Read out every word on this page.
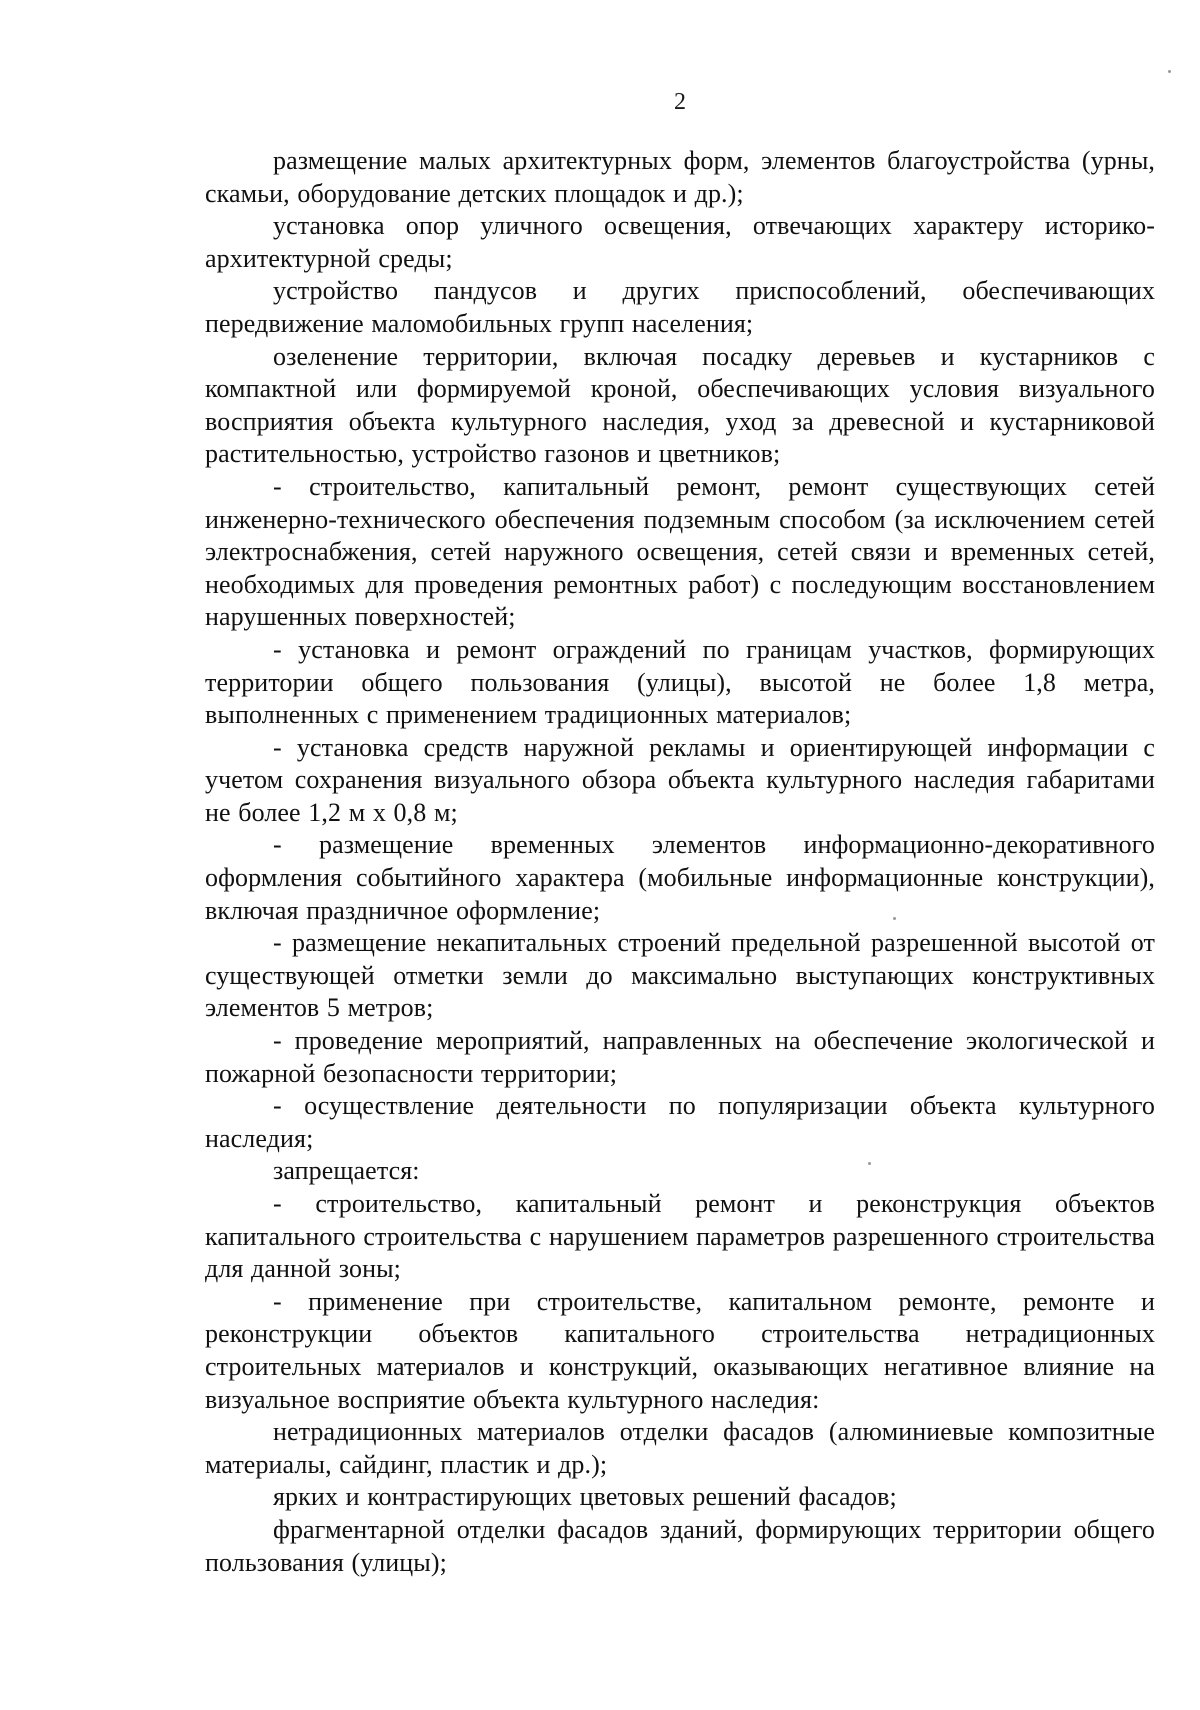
2

размещение малых архитектурных форм, элементов благоустройства (урны, скамьи, оборудование детских площадок и др.);

установка опор уличного освещения, отвечающих характеру историко-архитектурной среды;

устройство пандусов и других приспособлений, обеспечивающих передвижение маломобильных групп населения;

озеленение территории, включая посадку деревьев и кустарников с компактной или формируемой кроной, обеспечивающих условия визуального восприятия объекта культурного наследия, уход за древесной и кустарниковой растительностью, устройство газонов и цветников;

- строительство, капитальный ремонт, ремонт существующих сетей инженерно-технического обеспечения подземным способом (за исключением сетей электроснабжения, сетей наружного освещения, сетей связи и временных сетей, необходимых для проведения ремонтных работ) с последующим восстановлением нарушенных поверхностей;

- установка и ремонт ограждений по границам участков, формирующих территории общего пользования (улицы), высотой не более 1,8 метра, выполненных с применением традиционных материалов;

- установка средств наружной рекламы и ориентирующей информации с учетом сохранения визуального обзора объекта культурного наследия габаритами не более 1,2 м х 0,8 м;

- размещение временных элементов информационно-декоративного оформления событийного характера (мобильные информационные конструкции), включая праздничное оформление;

- размещение некапитальных строений предельной разрешенной высотой от существующей отметки земли до максимально выступающих конструктивных элементов 5 метров;

- проведение мероприятий, направленных на обеспечение экологической и пожарной безопасности территории;

- осуществление деятельности по популяризации объекта культурного наследия;

запрещается:

- строительство, капитальный ремонт и реконструкция объектов капитального строительства с нарушением параметров разрешенного строительства для данной зоны;

- применение при строительстве, капитальном ремонте, ремонте и реконструкции объектов капитального строительства нетрадиционных строительных материалов и конструкций, оказывающих негативное влияние на визуальное восприятие объекта культурного наследия:

нетрадиционных материалов отделки фасадов (алюминиевые композитные материалы, сайдинг, пластик и др.);

ярких и контрастирующих цветовых решений фасадов;

фрагментарной отделки фасадов зданий, формирующих территории общего пользования (улицы);
